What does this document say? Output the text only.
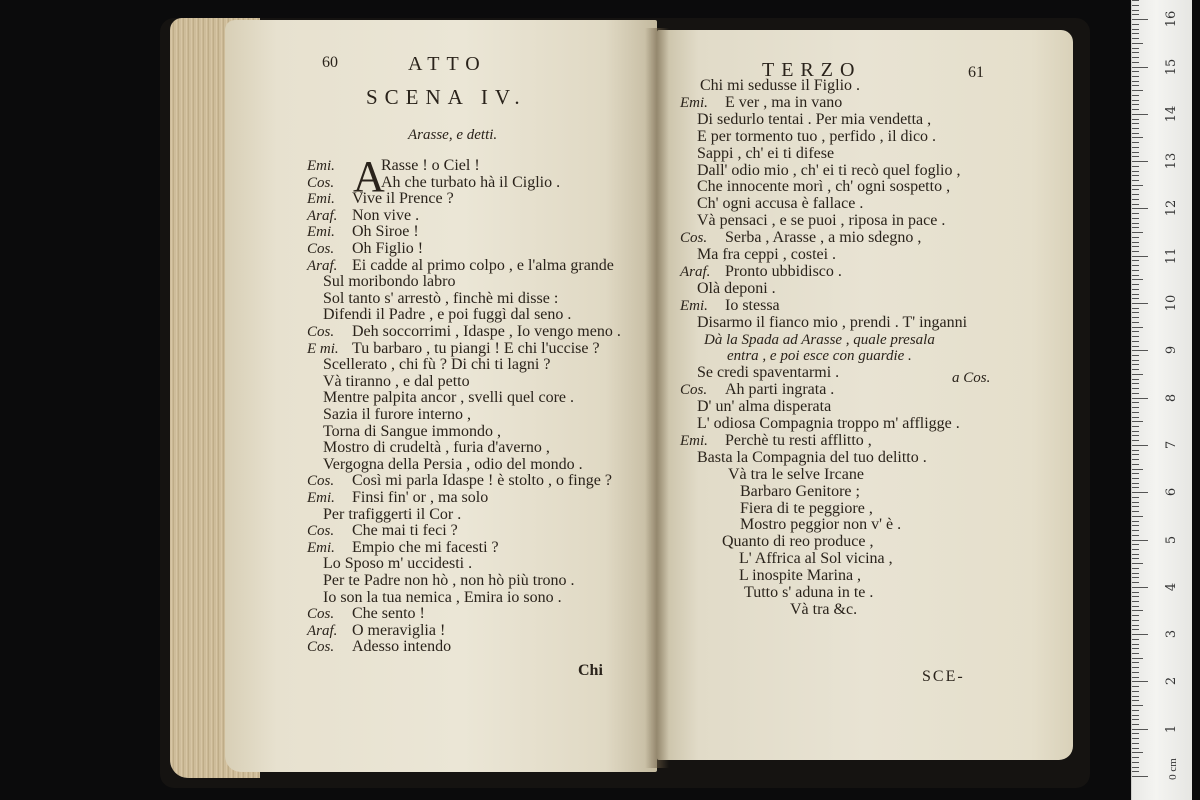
16
15
14
13
12
11
10
9
8
7
6
5
4
3
2
1
0 cm
60	ATTO
SCENA IV.
Arasse, e detti.
A
Emi.	Rasse ! o Ciel !
Cos.	Ah che turbato hà il Ciglio .
Emi. Vive il Prence ?
Araf. Non vive .
Emi. Oh Siroe !
Cos. Oh Figlio !
Araf. Ei cadde al primo colpo , e l'alma grande
Sul moribondo labro
Sol tanto s' arrestò , finchè mi disse :
Difendi il Padre , e poi fuggì dal seno .
Cos. Deh soccorrimi , Idaspe , Io vengo meno .
E mi. Tu barbaro , tu piangi ! E chi l'uccise ?
Scellerato , chi fù ? Di chi ti lagni ?
Và tiranno , e dal petto
Mentre palpita ancor , svelli quel core .
Sazia il furore interno ,
Torna di Sangue immondo ,
Mostro di crudeltà , furia d'averno ,
Vergogna della Persia , odio del mondo .
Cos. Così mi parla Idaspe ! è stolto , o finge ?
Emi. Finsi fin' or , ma solo
Per trafiggerti il Cor .
Cos. Che mai ti feci ?
Emi. Empio che mi facesti ?
Lo Sposo m' uccidesti .
Per te Padre non hò , non hò più trono .
Io son la tua nemica , Emira io sono .
Cos. Che sento !
Araf. O meraviglia !
Cos. Adesso intendo
Chi
TERZO	61
Chi mi sedusse il Figlio .
Emi. E ver , ma in vano
Di sedurlo tentai . Per mia vendetta ,
E per tormento tuo , perfido , il dico .
Sappi , ch' ei ti difese
Dall' odio mio , ch' ei ti recò quel foglio ,
Che innocente morì , ch' ogni sospetto ,
Ch' ogni accusa è fallace .
Và pensaci , e se puoi , riposa in pace .
Cos. Serba , Arasse , a mio sdegno ,
Ma fra ceppi , costei .
Araf. Pronto ubbidisco .
Olà deponi .
Emi. Io stessa
Disarmo il fianco mio , prendi . T' inganni
Dà la Spada ad Arasse , quale presala
entra , e poi esce con guardie .
Se credi spaventarmi .
Cos. Ah parti ingrata .
D' un' alma disperata
L' odiosa Compagnia troppo m' affligge .
Emi. Perchè tu resti afflitto ,
Basta la Compagnia del tuo delitto .
Và tra le selve Ircane
Barbaro Genitore ;
Fiera di te peggiore ,
Mostro peggior non v' è .
Quanto di reo produce ,
L' Affrica al Sol vicina ,
L inospite Marina ,
Tutto s' aduna in te .
Và tra &c.
a Cos.
SCE-
